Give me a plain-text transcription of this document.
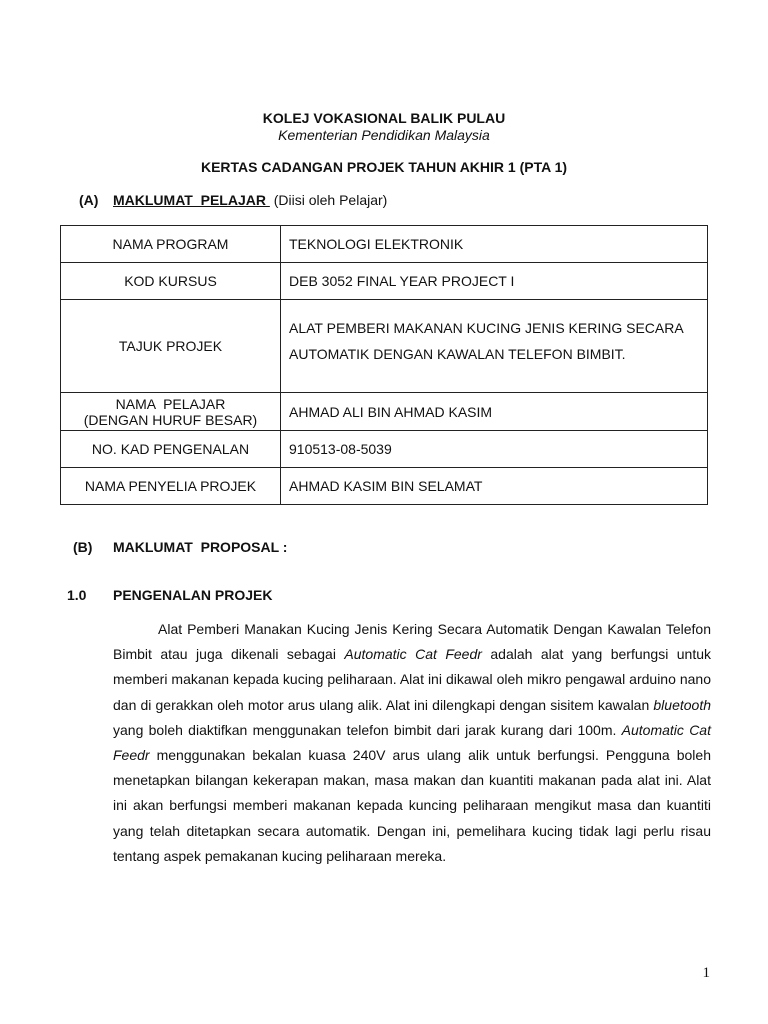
KOLEJ VOKASIONAL BALIK PULAU
Kementerian Pendidikan Malaysia
KERTAS CADANGAN PROJEK TAHUN AKHIR 1 (PTA 1)
(A) MAKLUMAT  PELAJAR  (Diisi oleh Pelajar)
NAMA PROGRAM	TEKNOLOGI ELEKTRONIK
KOD KURSUS	DEB 3052 FINAL YEAR PROJECT I
TAJUK PROJEK	ALAT PEMBERI MAKANAN KUCING JENIS KERING SECARA
AUTOMATIK DENGAN KAWALAN TELEFON BIMBIT.

NAMA  PELAJAR
(DENGAN HURUF BESAR)	AHMAD ALI BIN AHMAD KASIM
NO. KAD PENGENALAN	910513-08-5039
NAMA PENYELIA PROJEK	AHMAD KASIM BIN SELAMAT
(B) MAKLUMAT  PROPOSAL :
1.0 PENGENALAN PROJEK
Alat Pemberi Manakan Kucing Jenis Kering Secara Automatik Dengan Kawalan Telefon Bimbit atau juga dikenali sebagai Automatic Cat Feedr adalah alat yang berfungsi untuk memberi makanan kepada kucing peliharaan. Alat ini dikawal oleh mikro pengawal arduino nano dan di gerakkan oleh motor arus ulang alik. Alat ini dilengkapi dengan sisitem kawalan bluetooth yang boleh diaktifkan menggunakan telefon bimbit dari jarak kurang dari 100m. Automatic Cat Feedr menggunakan bekalan kuasa 240V arus ulang alik untuk berfungsi. Pengguna boleh menetapkan bilangan kekerapan makan, masa makan dan kuantiti makanan pada alat ini. Alat ini akan berfungsi memberi makanan kepada kuncing peliharaan mengikut masa dan kuantiti yang telah ditetapkan secara automatik. Dengan ini, pemelihara kucing tidak lagi perlu risau tentang aspek pemakanan kucing peliharaan mereka.
1
